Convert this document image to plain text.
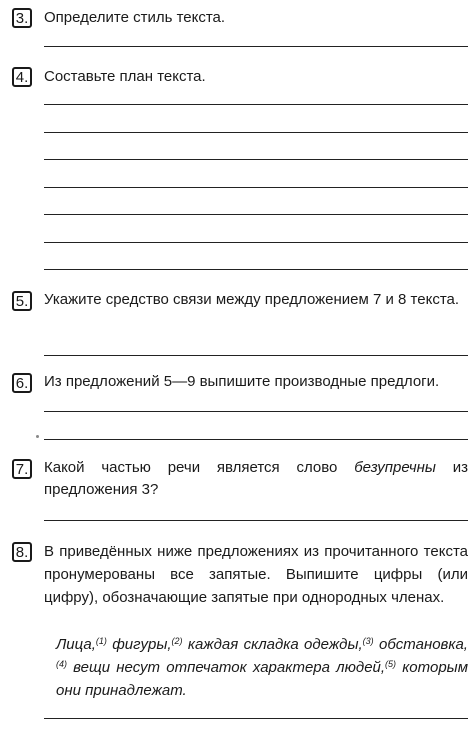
3. Определите стиль текста.
4. Составьте план текста.
5. Укажите средство связи между предложением 7 и 8 текста.
6. Из предложений 5—9 выпишите производные предлоги.
7. Какой частью речи является слово безупречны из предложения 3?
8. В приведённых ниже предложениях из прочитанного текста пронумерованы все запятые. Выпишите цифры (или цифру), обозначающие запятые при однородных членах.
Лица,$^{(1)}$ фигуры,$^{(2)}$ каждая складка одежды,$^{(3)}$ обстановка,$^{(4)}$ вещи несут отпечаток характера людей,$^{(5)}$ которым они принадлежат.
